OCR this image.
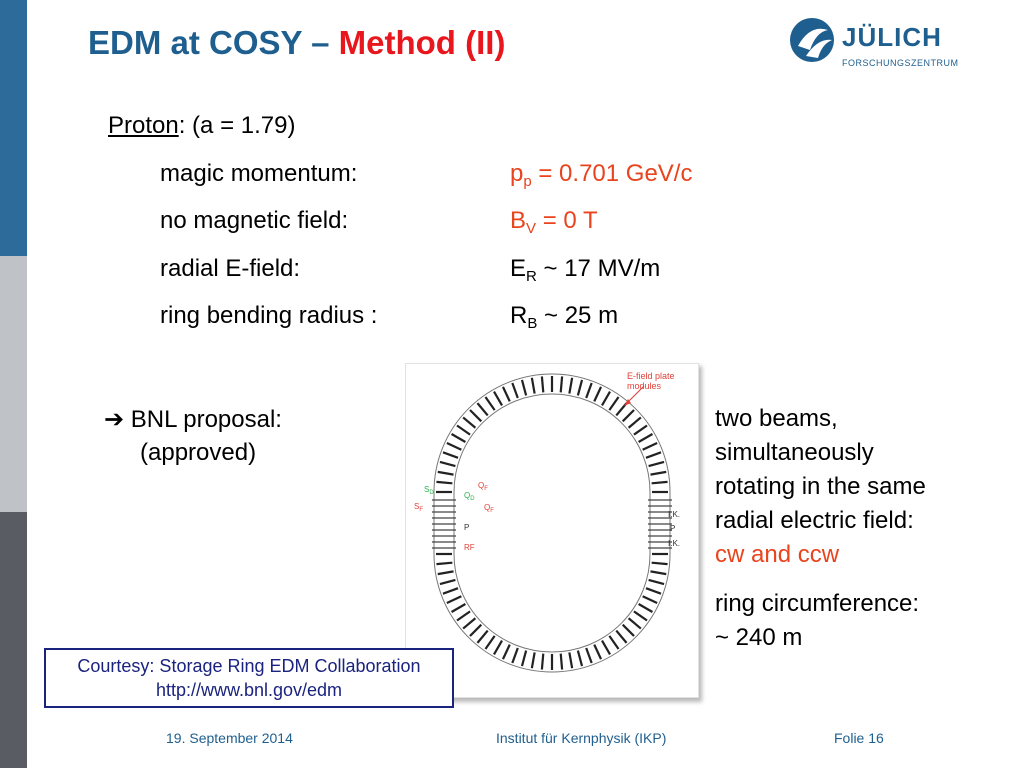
EDM at COSY – Method (II)	JÜLICH
FORSCHUNGSZENTRUM
Proton: (a = 1.79)
magic momentum:	$p_p = 0.701$ GeV/c
no magnetic field:	$B_V = 0$ T
radial E-field:	$E_R$ ~ 17 MV/m
ring bending radius :	$R_B$ ~ 25 m
➔ BNL proposal:
(approved)
two beams,
simultaneously
rotating in the same
radial electric field:
cw and ccw
ring circumference:
~ 240 m
E-field plate
modules
$S_D$
$S_F$
$Q_F$
$Q_D$
$Q_F$
P
RF
I.K.
P
I.K.
Courtesy: Storage Ring EDM Collaboration
http://www.bnl.gov/edm
19. September 2014	Institut für Kernphysik (IKP)	Folie 16
